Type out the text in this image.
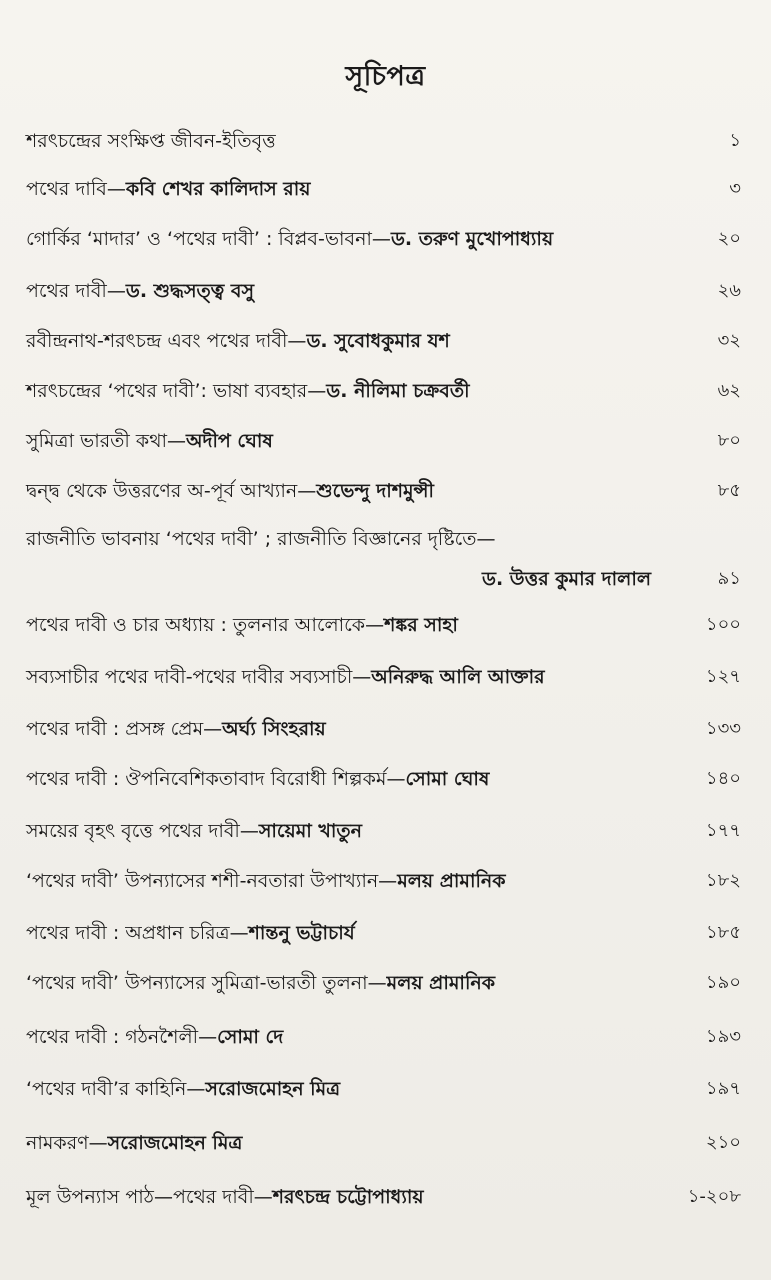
সূচিপত্র
শরৎচন্দ্রের সংক্ষিপ্ত জীবন-ইতিবৃত্ত	১
পথের দাবি—কবি শেখর কালিদাস রায়	৩
গোর্কির ‘মাদার’ ও ‘পথের দাবী’ : বিপ্লব-ভাবনা—ড. তরুণ মুখোপাধ্যায়	২০
পথের দাবী—ড. শুদ্ধসত্ত্ব বসু	২৬
রবীন্দ্রনাথ-শরৎচন্দ্র এবং পথের দাবী—ড. সুবোধকুমার যশ	৩২
শরৎচন্দ্রের ‘পথের দাবী’: ভাষা ব্যবহার—ড. নীলিমা চক্রবর্তী	৬২
সুমিত্রা ভারতী কথা—অদীপ ঘোষ	৮০
দ্বন্দ্ব থেকে উত্তরণের অ-পূর্ব আখ্যান—শুভেন্দু দাশমুন্সী	৮৫
রাজনীতি ভাবনায় ‘পথের দাবী’ ; রাজনীতি বিজ্ঞানের দৃষ্টিতে—
ড. উত্তর কুমার দালাল	৯১
পথের দাবী ও চার অধ্যায় : তুলনার আলোকে—শঙ্কর সাহা	১০০
সব্যসাচীর পথের দাবী-পথের দাবীর সব্যসাচী—অনিরুদ্ধ আলি আক্তার	১২৭
পথের দাবী : প্রসঙ্গ প্রেম—অর্ঘ্য সিংহরায়	১৩৩
পথের দাবী : ঔপনিবেশিকতাবাদ বিরোধী শিল্পকর্ম—সোমা ঘোষ	১৪০
সময়ের বৃহৎ বৃত্তে পথের দাবী—সায়েমা খাতুন	১৭৭
‘পথের দাবী’ উপন্যাসের শশী-নবতারা উপাখ্যান—মলয় প্রামানিক	১৮২
পথের দাবী : অপ্রধান চরিত্র—শান্তনু ভট্টাচার্য	১৮৫
‘পথের দাবী’ উপন্যাসের সুমিত্রা-ভারতী তুলনা—মলয় প্রামানিক	১৯০
পথের দাবী : গঠনশৈলী—সোমা দে	১৯৩
‘পথের দাবী’র কাহিনি—সরোজমোহন মিত্র	১৯৭
নামকরণ—সরোজমোহন মিত্র	২১০
মূল উপন্যাস পাঠ—পথের দাবী—শরৎচন্দ্র চট্টোপাধ্যায়	১-২০৮
